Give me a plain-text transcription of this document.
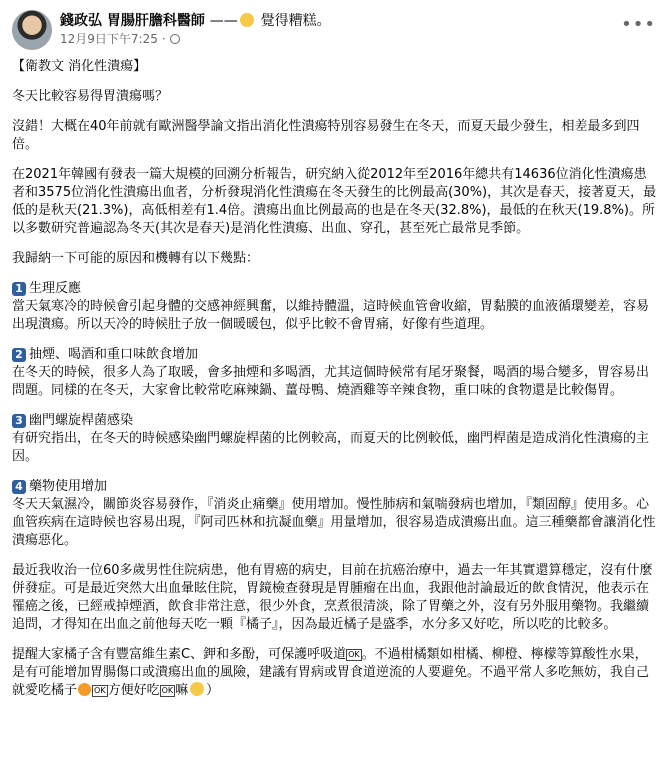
錢政弘 胃腸肝膽科醫師 —— 覺得糟糕。
12月9日下午7:25 ·
•••

【衛教文 消化性潰瘍】

冬天比較容易得胃潰瘍嗎？

沒錯！大概在40年前就有歐洲醫學論文指出消化性潰瘍特別容易發生在冬天，而夏天最少發生，相差最多到四倍。

在2021年韓國有發表一篇大規模的回溯分析報告，研究納入從2012年至2016年總共有14636位消化性潰瘍患者和3575位消化性潰瘍出血者，分析發現消化性潰瘍在冬天發生的比例最高(30%)，其次是春天，接著夏天，最低的是秋天(21.3%)，高低相差有1.4倍。潰瘍出血比例最高的也是在冬天(32.8%)，最低的在秋天(19.8%)。所以多數研究普遍認為冬天(其次是春天)是消化性潰瘍、出血、穿孔，甚至死亡最常見季節。

我歸納一下可能的原因和機轉有以下幾點：

1 生理反應

當天氣寒冷的時候會引起身體的交感神經興奮，以維持體溫，這時候血管會收縮，胃黏膜的血液循環變差，容易出現潰瘍。所以天冷的時候肚子放一個暖暖包，似乎比較不會胃痛，好像有些道理。

2 抽煙、喝酒和重口味飲食增加

在冬天的時候，很多人為了取暖，會多抽煙和多喝酒，尤其這個時候常有尾牙聚餐，喝酒的場合變多，胃容易出問題。同樣的在冬天，大家會比較常吃麻辣鍋、薑母鴨、燒酒雞等辛辣食物，重口味的食物還是比較傷胃。

3 幽門螺旋桿菌感染

有研究指出，在冬天的時候感染幽門螺旋桿菌的比例較高，而夏天的比例較低，幽門桿菌是造成消化性潰瘍的主因。

4 藥物使用增加

冬天天氣濕冷，關節炎容易發作，『消炎止痛藥』使用增加。慢性肺病和氣喘發病也增加，『類固醇』使用多。心血管疾病在這時候也容易出現，『阿司匹林和抗凝血藥』用量增加，很容易造成潰瘍出血。這三種藥都會讓消化性潰瘍惡化。

最近我收治一位60多歲男性住院病患，他有胃癌的病史，目前在抗癌治療中，過去一年其實還算穩定，沒有什麼併發症。可是最近突然大出血暈眩住院，胃鏡檢查發現是胃腫瘤在出血，我跟他討論最近的飲食情況，他表示在罹癌之後，已經戒掉煙酒，飲食非常注意，很少外食，烹煮很清淡，除了胃藥之外，沒有另外服用藥物。我繼續追問，才得知在出血之前他每天吃一顆『橘子』，因為最近橘子是盛季，水分多又好吃，所以吃的比較多。

提醒大家橘子含有豐富維生素C、鉀和多酚，可保護呼吸道 OK 。不過柑橘類如柑橘、柳橙、檸檬等算酸性水果，是有可能增加胃腸傷口或潰瘍出血的風險，建議有胃病或胃食道逆流的人要避免。不過平常人多吃無妨，我自己就愛吃橘子 OK 方便好吃 OK 嘛 ）
